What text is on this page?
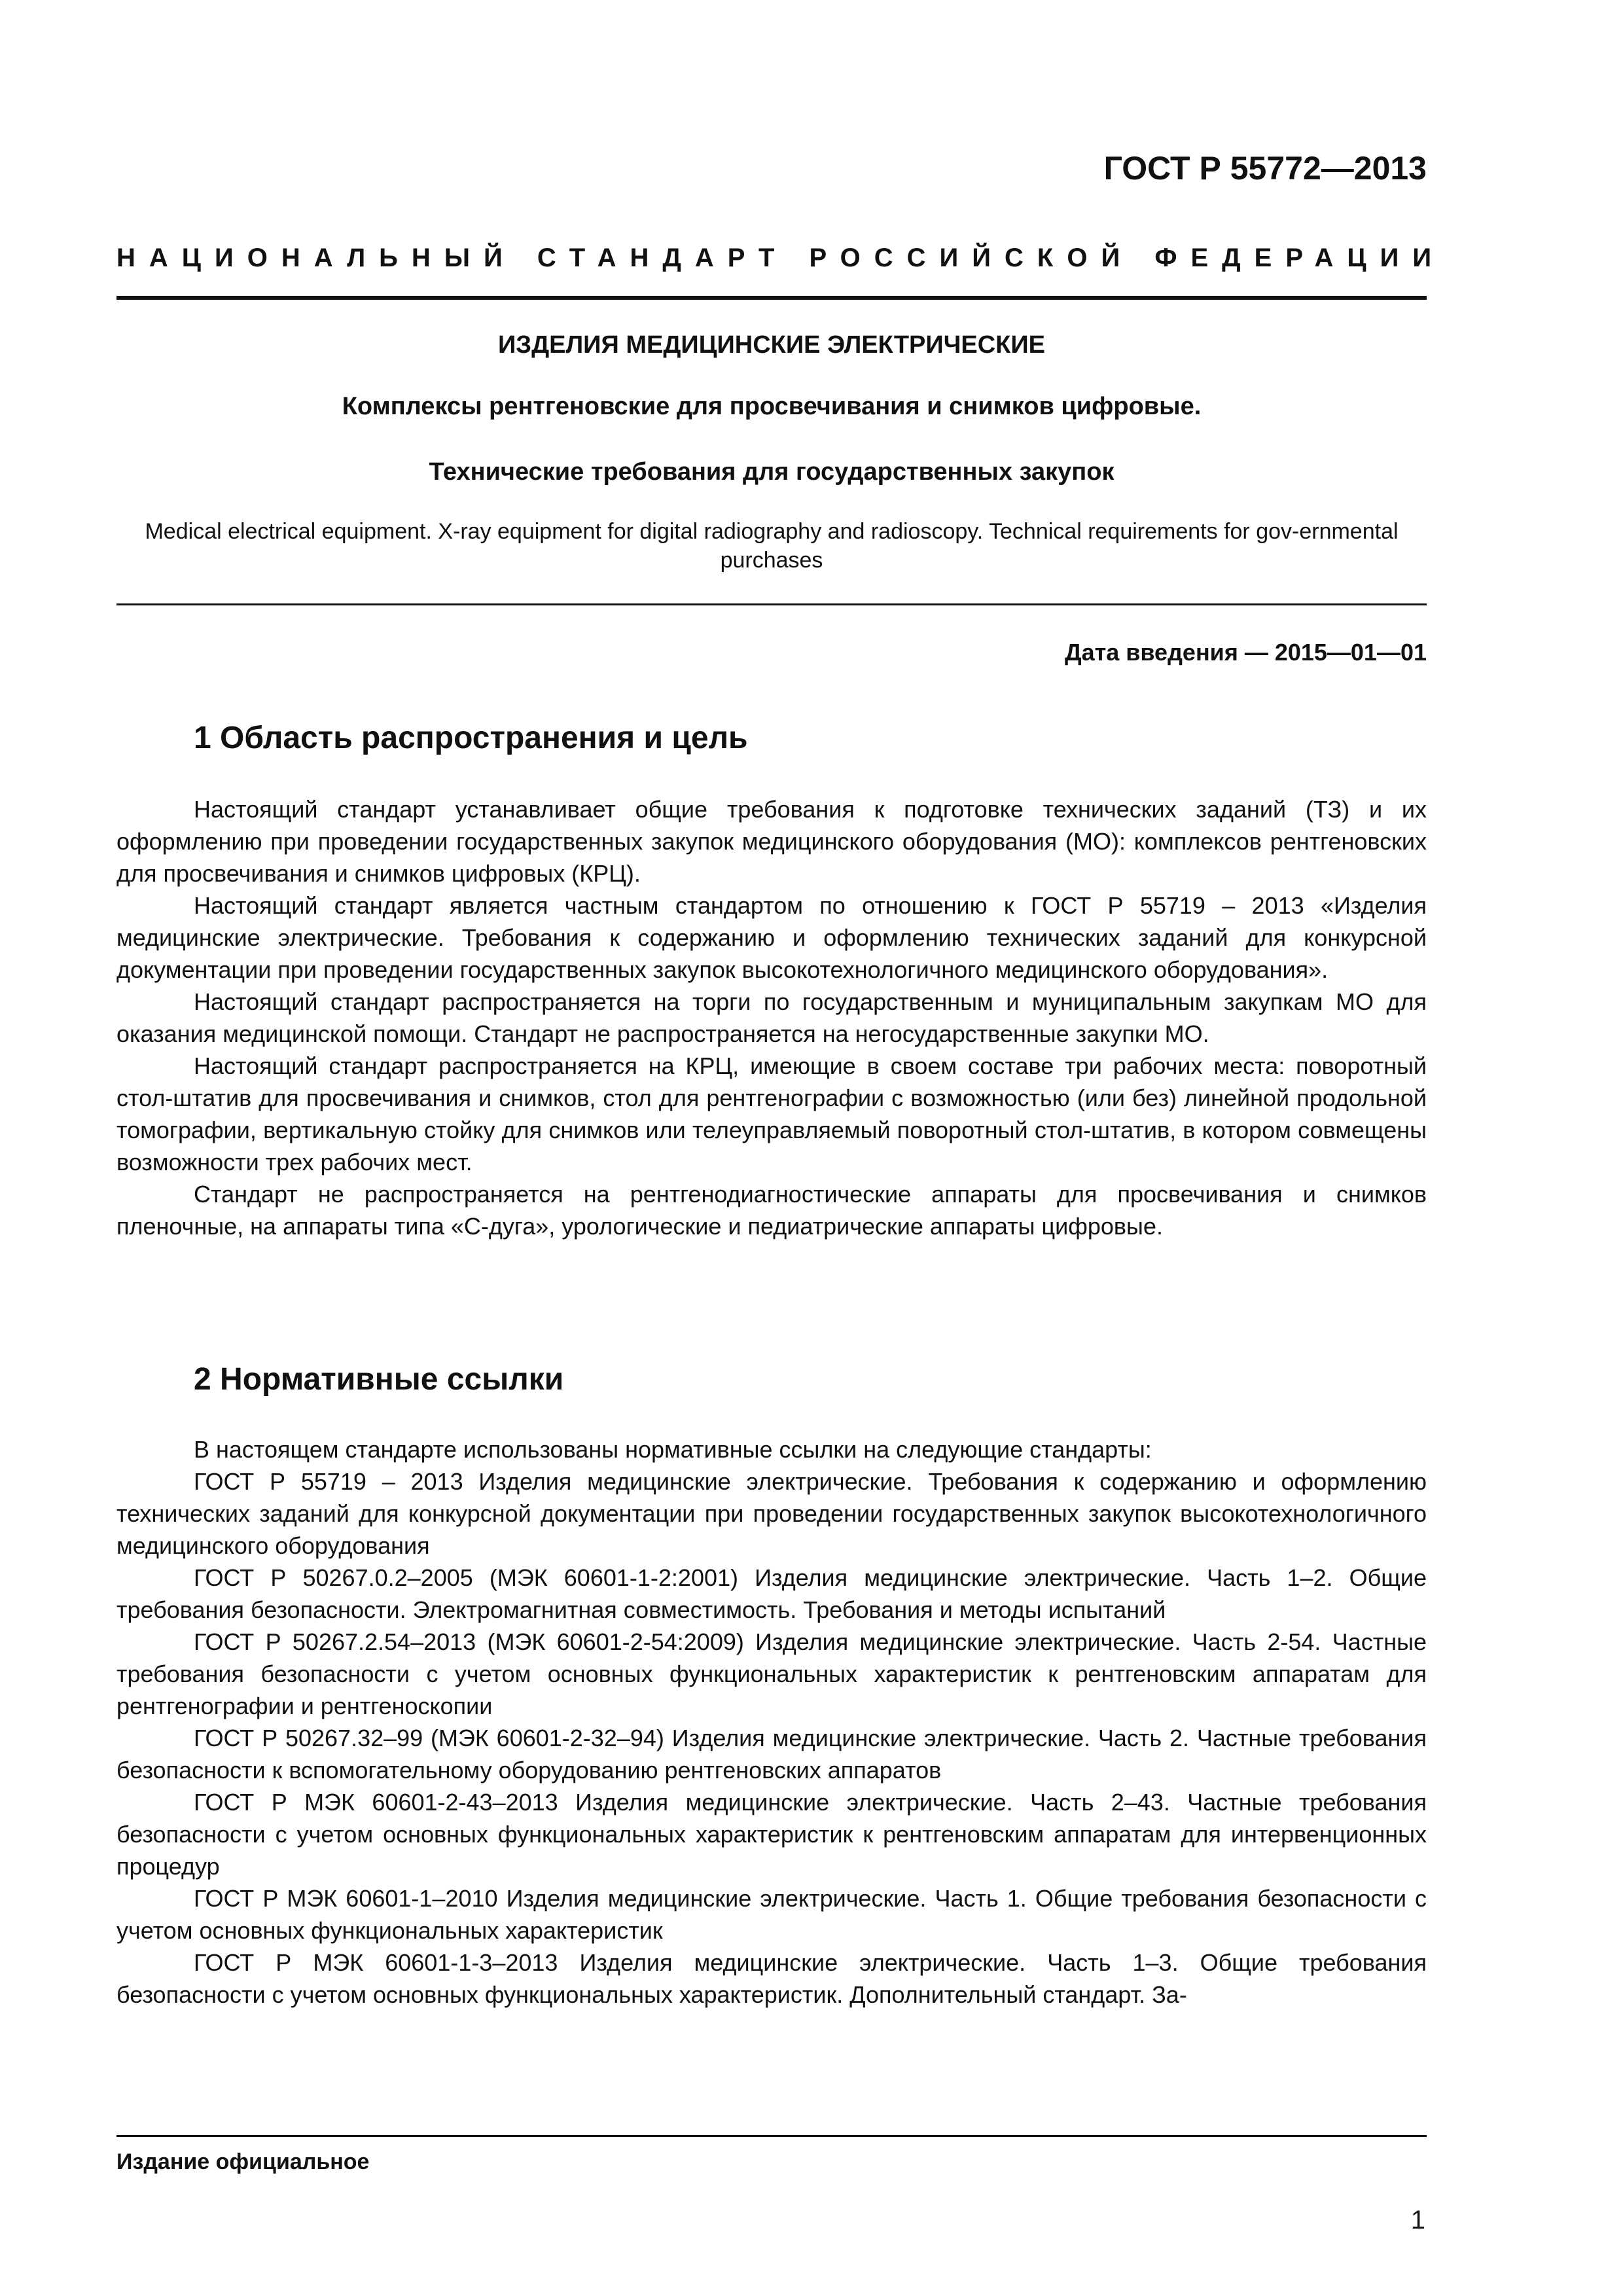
ГОСТ Р 55772—2013
НАЦИОНАЛЬНЫЙ СТАНДАРТ РОССИЙСКОЙ ФЕДЕРАЦИИ
ИЗДЕЛИЯ МЕДИЦИНСКИЕ ЭЛЕКТРИЧЕСКИЕ
Комплексы рентгеновские для просвечивания и снимков цифровые.
Технические требования для государственных закупок
Medical electrical equipment. X-ray equipment for digital radiography and radioscopy. Technical requirements for gov-ernmental purchases
Дата введения — 2015—01—01
1 Область распространения и цель

Настоящий стандарт устанавливает общие требования к подготовке технических заданий (ТЗ) и их оформлению при проведении государственных закупок медицинского оборудования (МО): комплексов рентгеновских для просвечивания и снимков цифровых (КРЦ).

Настоящий стандарт является частным стандартом по отношению к ГОСТ Р 55719 – 2013 «Изделия медицинские электрические. Требования к содержанию и оформлению технических заданий для конкурсной документации при проведении государственных закупок высокотехнологичного медицинского оборудования».

Настоящий стандарт распространяется на торги по государственным и муниципальным закупкам МО для оказания медицинской помощи. Стандарт не распространяется на негосударственные закупки МО.

Настоящий стандарт распространяется на КРЦ, имеющие в своем составе три рабочих места: поворотный стол-штатив для просвечивания и снимков, стол для рентгенографии с возможностью (или без) линейной продольной томографии, вертикальную стойку для снимков или телеуправляемый поворотный стол-штатив, в котором совмещены возможности трех рабочих мест.

Стандарт не распространяется на рентгенодиагностические аппараты для просвечивания и снимков пленочные, на аппараты типа «С-дуга», урологические и педиатрические аппараты цифровые.

2 Нормативные ссылки

В настоящем стандарте использованы нормативные ссылки на следующие стандарты:

ГОСТ Р 55719 – 2013 Изделия медицинские электрические. Требования к содержанию и оформлению технических заданий для конкурсной документации при проведении государственных закупок высокотехнологичного медицинского оборудования

ГОСТ Р 50267.0.2–2005 (МЭК 60601-1-2:2001) Изделия медицинские электрические. Часть 1–2. Общие требования безопасности. Электромагнитная совместимость. Требования и методы испытаний

ГОСТ Р 50267.2.54–2013 (МЭК 60601-2-54:2009) Изделия медицинские электрические. Часть 2-54. Частные требования безопасности с учетом основных функциональных характеристик к рентгеновским аппаратам для рентгенографии и рентгеноскопии

ГОСТ Р 50267.32–99 (МЭК 60601-2-32–94) Изделия медицинские электрические. Часть 2. Частные требования безопасности к вспомогательному оборудованию рентгеновских аппаратов

ГОСТ Р МЭК 60601-2-43–2013 Изделия медицинские электрические. Часть 2–43. Частные требования безопасности с учетом основных функциональных характеристик к рентгеновским аппаратам для интервенционных процедур

ГОСТ Р МЭК 60601-1–2010 Изделия медицинские электрические. Часть 1. Общие требования безопасности с учетом основных функциональных характеристик

ГОСТ Р МЭК 60601-1-3–2013 Изделия медицинские электрические. Часть 1–3. Общие требования безопасности с учетом основных функциональных характеристик. Дополнительный стандарт. За-

Издание официальное
1
